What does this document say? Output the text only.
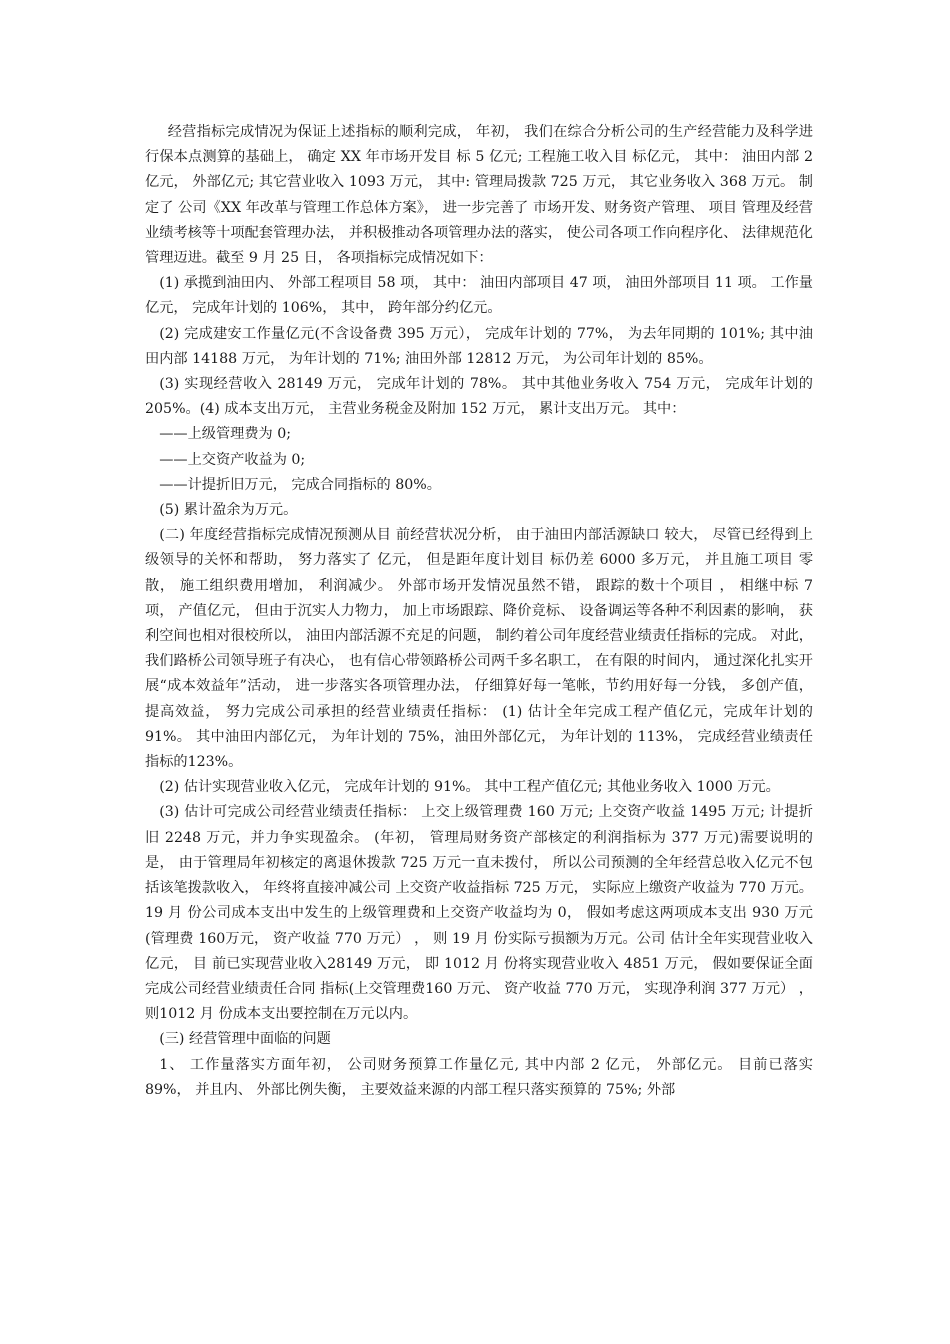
经营指标完成情况为保证上述指标的顺利完成， 年初， 我们在综合分析公司的生产经营能力及科学进行保本点测算的基础上， 确定 XX 年市场开发目 标 5 亿元; 工程施工收入目 标亿元， 其中： 油田内部 2 亿元， 外部亿元; 其它营业收入 1093 万元， 其中: 管理局拨款 725 万元， 其它业务收入 368 万元。 制定了 公司《XX 年改革与管理工作总体方案》， 进一步完善了 市场开发、财务资产管理、 项目 管理及经营业绩考核等十项配套管理办法， 并积极推动各项管理办法的落实， 使公司各项工作向程序化、 法律规范化管理迈进。截至 9 月 25 日， 各项指标完成情况如下：

(1) 承揽到油田内、 外部工程项目 58 项， 其中： 油田内部项目 47 项， 油田外部项目 11 项。 工作量亿元， 完成年计划的 106%， 其中， 跨年部分约亿元。

(2) 完成建安工作量亿元(不含设备费 395 万元）， 完成年计划的 77%， 为去年同期的 101%; 其中油田内部 14188 万元， 为年计划的 71%; 油田外部 12812 万元， 为公司年计划的 85%。

(3) 实现经营收入 28149 万元， 完成年计划的 78%。 其中其他业务收入 754 万元， 完成年计划的 205%。(4) 成本支出万元， 主营业务税金及附加 152 万元， 累计支出万元。 其中：

——上级管理费为 0;

——上交资产收益为 0;

——计提折旧万元， 完成合同指标的 80%。

(5) 累计盈余为万元。

(二) 年度经营指标完成情况预测从目 前经营状况分析， 由于油田内部活源缺口 较大， 尽管已经得到上级领导的关怀和帮助， 努力落实了 亿元， 但是距年度计划目 标仍差 6000 多万元， 并且施工项目 零散， 施工组织费用增加， 利润减少。 外部市场开发情况虽然不错， 跟踪的数十个项目 ， 相继中标 7 项， 产值亿元， 但由于沉实人力物力， 加上市场跟踪、降价竞标、 设备调运等各种不利因素的影响， 获利空间也相对很校所以， 油田内部活源不充足的问题， 制约着公司年度经营业绩责任指标的完成。 对此，我们路桥公司领导班子有决心， 也有信心带领路桥公司两千多名职工， 在有限的时间内， 通过深化扎实开展“成本效益年”活动， 进一步落实各项管理办法， 仔细算好每一笔帐，节约用好每一分钱， 多创产值， 提高效益， 努力完成公司承担的经营业绩责任指标： (1) 估计全年完成工程产值亿元，完成年计划的 91%。 其中油田内部亿元， 为年计划的 75%，油田外部亿元， 为年计划的 113%， 完成经营业绩责任指标的123%。

(2) 估计实现营业收入亿元， 完成年计划的 91%。 其中工程产值亿元; 其他业务收入 1000 万元。

(3) 估计可完成公司经营业绩责任指标： 上交上级管理费 160 万元; 上交资产收益 1495 万元; 计提折旧 2248 万元，并力争实现盈余。 (年初， 管理局财务资产部核定的利润指标为 377 万元)需要说明的是， 由于管理局年初核定的离退休拨款 725 万元一直未拨付， 所以公司预测的全年经营总收入亿元不包括该笔拨款收入， 年终将直接冲减公司 上交资产收益指标 725 万元， 实际应上缴资产收益为 770 万元。19 月 份公司成本支出中发生的上级管理费和上交资产收益均为 0， 假如考虑这两项成本支出 930 万元(管理费 160万元， 资产收益 770 万元） ， 则 19 月 份实际亏损额为万元。公司 估计全年实现营业收入亿元， 目 前已实现营业收入28149 万元， 即 1012 月 份将实现营业收入 4851 万元， 假如要保证全面完成公司经营业绩责任合同 指标(上交管理费160 万元、 资产收益 770 万元， 实现净利润 377 万元） ， 则1012 月 份成本支出要控制在万元以内。

(三) 经营管理中面临的问题

1、 工作量落实方面年初， 公司财务预算工作量亿元, 其中内部 2 亿元， 外部亿元。 目前已落实 89%， 并且内、 外部比例失衡， 主要效益来源的内部工程只落实预算的 75%; 外部
